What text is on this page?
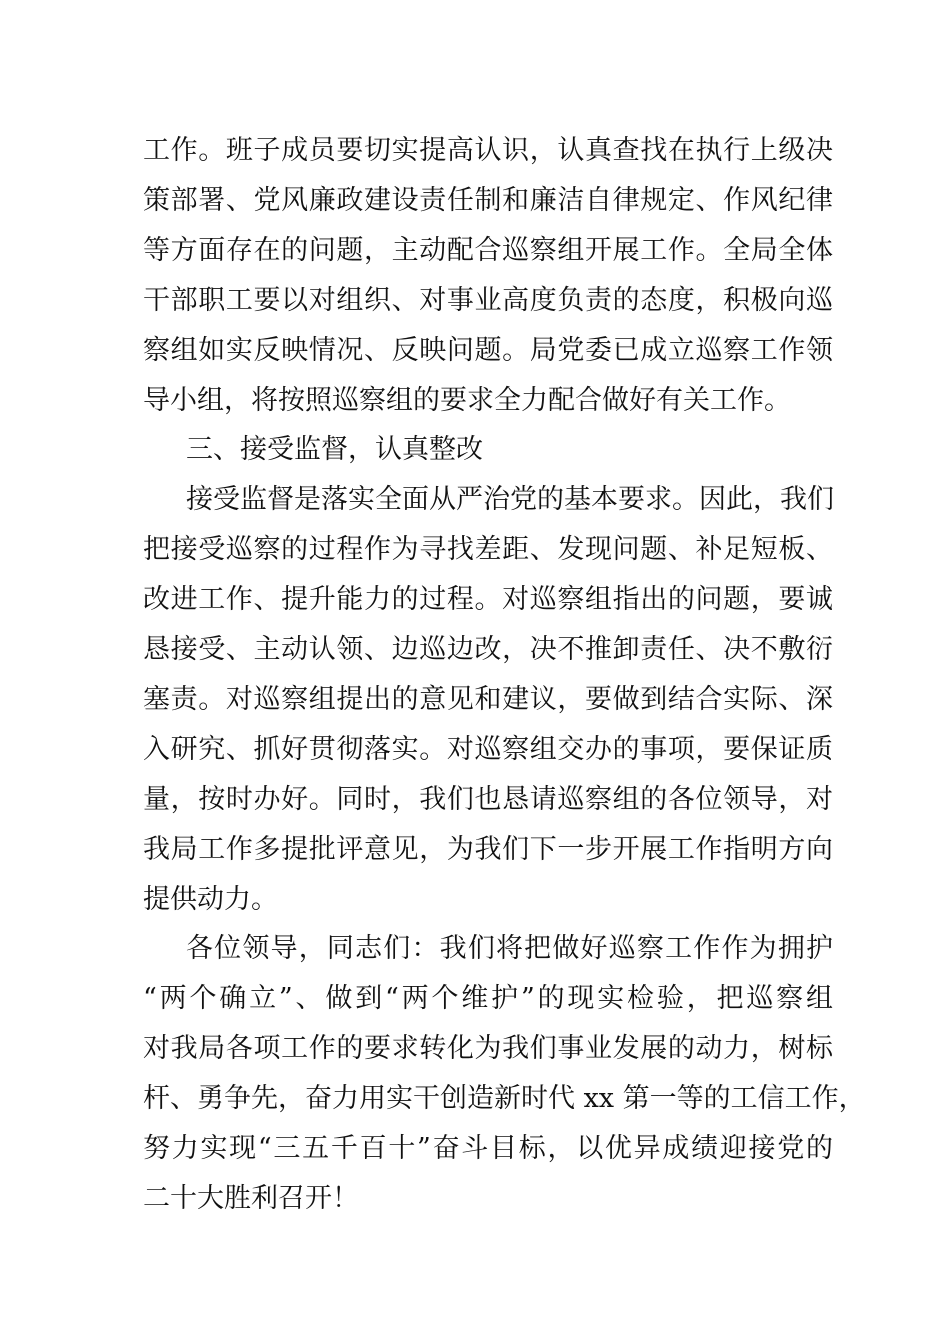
工作。班子成员要切实提高认识，认真查找在执行上级决
策部署、党风廉政建设责任制和廉洁自律规定、作风纪律
等方面存在的问题，主动配合巡察组开展工作。全局全体
干部职工要以对组织、对事业高度负责的态度，积极向巡
察组如实反映情况、反映问题。局党委已成立巡察工作领
导小组，将按照巡察组的要求全力配合做好有关工作。
三、接受监督，认真整改
接受监督是落实全面从严治党的基本要求。因此，我们
把接受巡察的过程作为寻找差距、发现问题、补足短板、
改进工作、提升能力的过程。对巡察组指出的问题，要诚
恳接受、主动认领、边巡边改，决不推卸责任、决不敷衍
塞责。对巡察组提出的意见和建议，要做到结合实际、深
入研究、抓好贯彻落实。对巡察组交办的事项，要保证质
量，按时办好。同时，我们也恳请巡察组的各位领导，对
我局工作多提批评意见，为我们下一步开展工作指明方向
提供动力。
各位领导，同志们：我们将把做好巡察工作作为拥护
“两个确立”、做到“两个维护”的现实检验，把巡察组
对我局各项工作的要求转化为我们事业发展的动力，树标
杆、勇争先，奋力用实干创造新时代 xx 第一等的工信工作，
努力实现“三五千百十”奋斗目标，以优异成绩迎接党的
二十大胜利召开！
